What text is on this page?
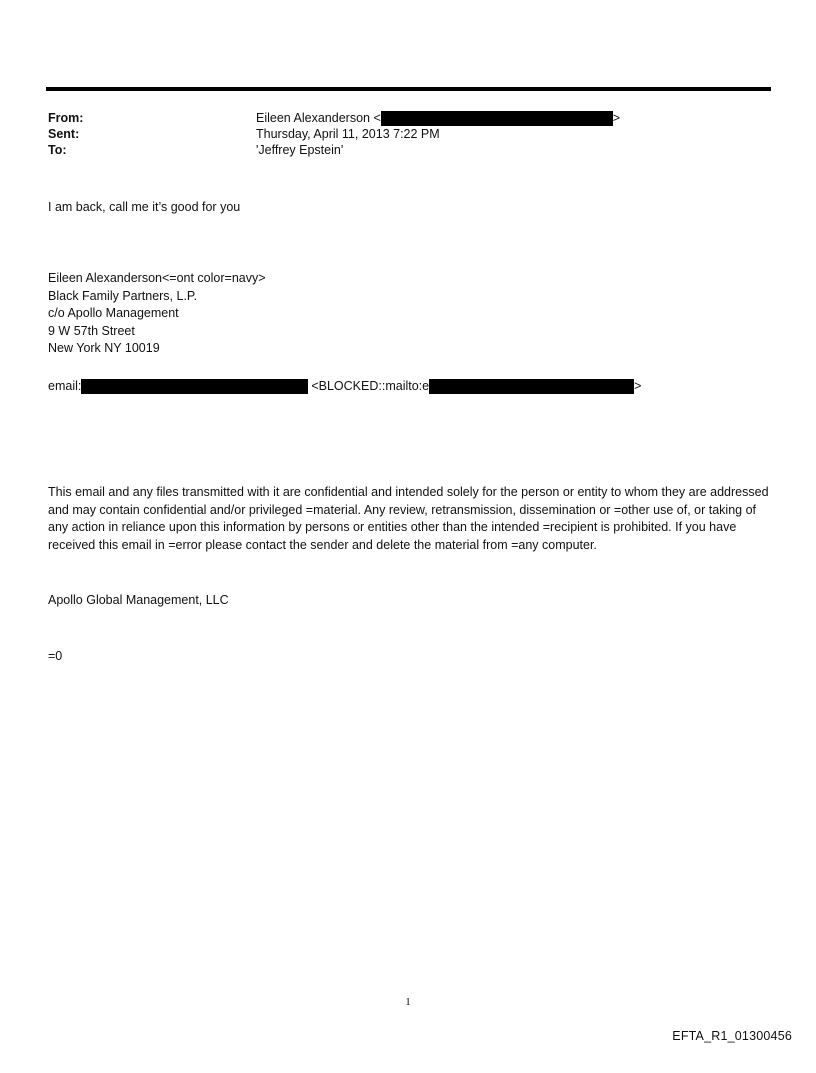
From:	Eileen Alexanderson <	>
Sent:	Thursday, April 11, 2013 7:22 PM
To:	'Jeffrey Epstein'
I am back, call me it’s good for you
Eileen Alexanderson<=ont color=navy>
Black Family Partners, L.P.
c/o Apollo Management
9 W 57th Street
New York NY 10019
email:	<BLOCKED::mailto:e	>
This email and any files transmitted with it are confidential and intended solely for the person or entity to whom they are addressed and may contain confidential and/or privileged =material. Any review, retransmission, dissemination or =other use of, or taking of any action in reliance upon this information by persons or entities other than the intended =recipient is prohibited. If you have received this email in =error please contact the sender and delete the material from =any computer.
Apollo Global Management, LLC
=0
1
EFTA_R1_01300456
